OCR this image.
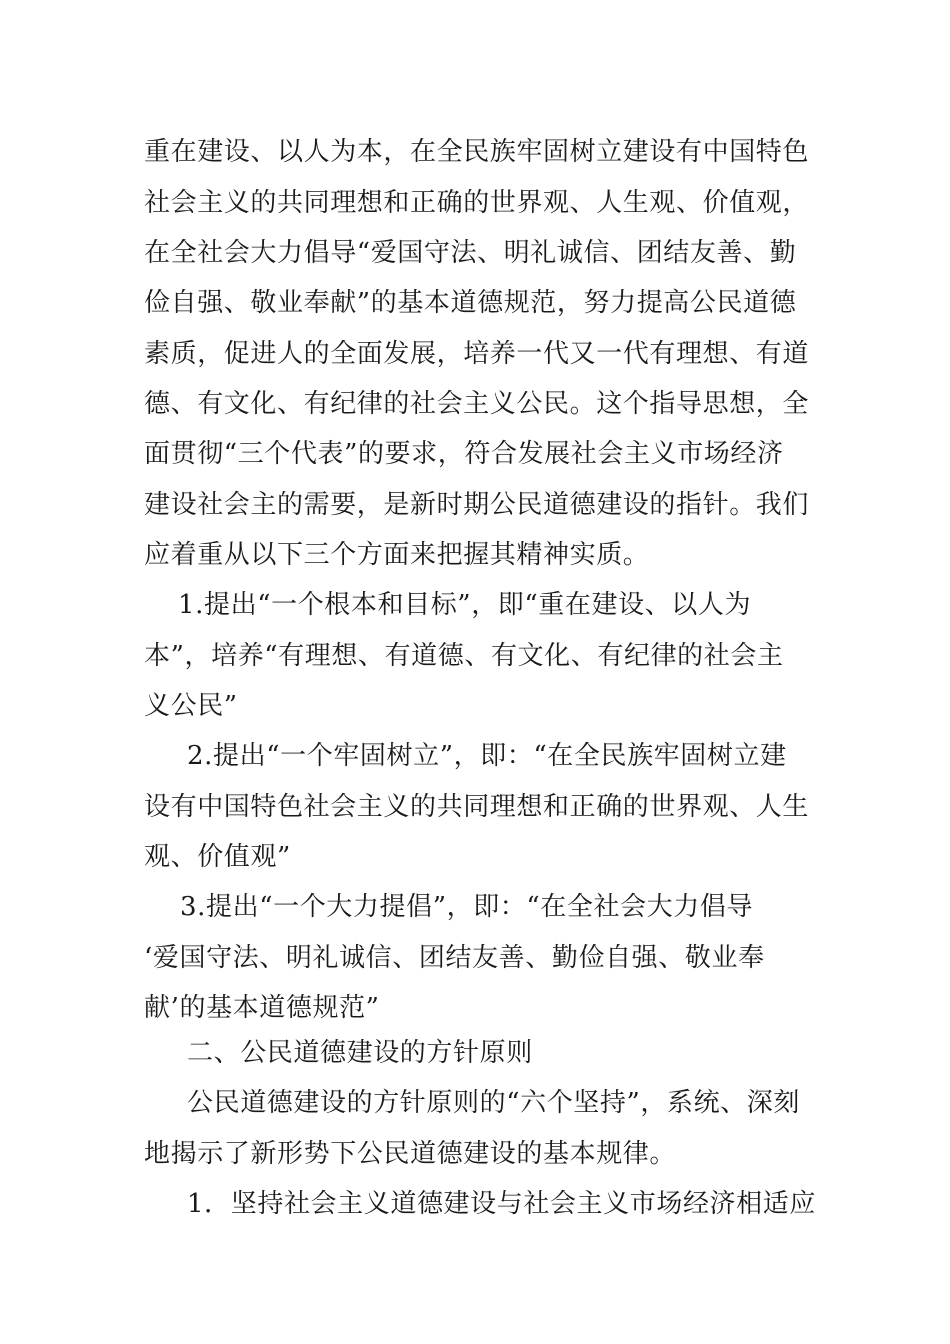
重在建设、以人为本，在全民族牢固树立建设有中国特色
社会主义的共同理想和正确的世界观、人生观、价值观，
在全社会大力倡导“爱国守法、明礼诚信、团结友善、勤
俭自强、敬业奉献”的基本道德规范，努力提高公民道德
素质，促进人的全面发展，培养一代又一代有理想、有道
德、有文化、有纪律的社会主义公民。这个指导思想，全
面贯彻“三个代表”的要求，符合发展社会主义市场经济
建设社会主的需要，是新时期公民道德建设的指针。我们
应着重从以下三个方面来把握其精神实质。
1.提出“一个根本和目标”，即“重在建设、以人为
本”，培养“有理想、有道德、有文化、有纪律的社会主
义公民”
2.提出“一个牢固树立”，即：“在全民族牢固树立建
设有中国特色社会主义的共同理想和正确的世界观、人生
观、价值观”
3.提出“一个大力提倡”，即：“在全社会大力倡导
‘爱国守法、明礼诚信、团结友善、勤俭自强、敬业奉
献’的基本道德规范”
二、公民道德建设的方针原则
公民道德建设的方针原则的“六个坚持”，系统、深刻
地揭示了新形势下公民道德建设的基本规律。
1．坚持社会主义道德建设与社会主义市场经济相适应
